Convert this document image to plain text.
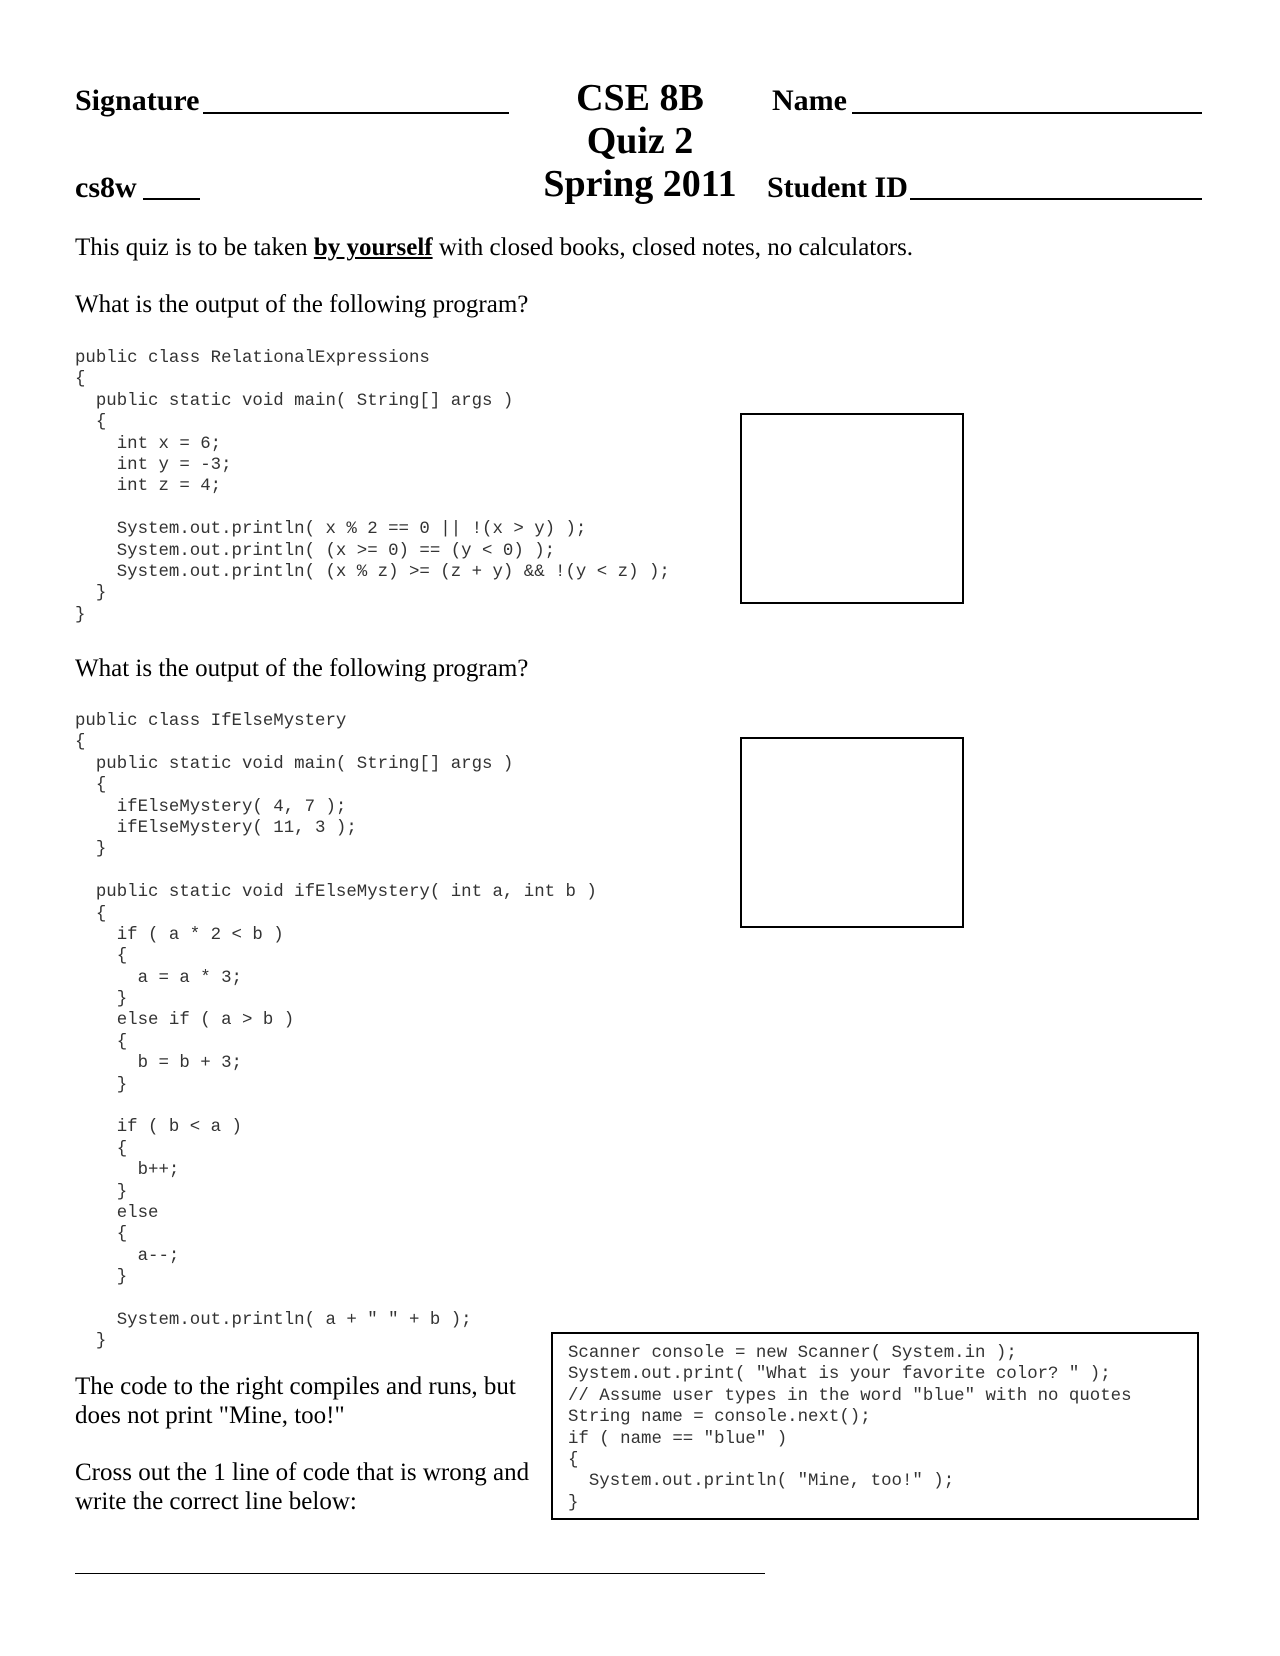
Signature	CSE 8B
Quiz 2
Spring 2011
Name
cs8w	Student ID
This quiz is to be taken by yourself with closed books, closed notes, no calculators.
What is the output of the following program?
public class RelationalExpressions
{
public static void main( String[] args )
{
int x = 6;
int y = -3;
int z = 4;
System.out.println( x % 2 == 0 || !(x > y) );
System.out.println( (x >= 0) == (y < 0) );
System.out.println( (x % z) >= (z + y) && !(y < z) );
}
}
What is the output of the following program?
public class IfElseMystery
{
public static void main( String[] args )
{
ifElseMystery( 4, 7 );
ifElseMystery( 11, 3 );
}
public static void ifElseMystery( int a, int b )
{
if ( a * 2 < b )
{
a = a * 3;
}
else if ( a > b )
{
b = b + 3;
}
if ( b < a )
{
b++;
}
else
{
a--;
}
System.out.println( a + " " + b );
}
The code to the right compiles and runs, but does not print "Mine, too!"
Cross out the 1 line of code that is wrong and write the correct line below:
Scanner console = new Scanner( System.in );
System.out.print( "What is your favorite color? " );
// Assume user types in the word "blue" with no quotes
String name = console.next();
if ( name == "blue" )
{
System.out.println( "Mine, too!" );
}
